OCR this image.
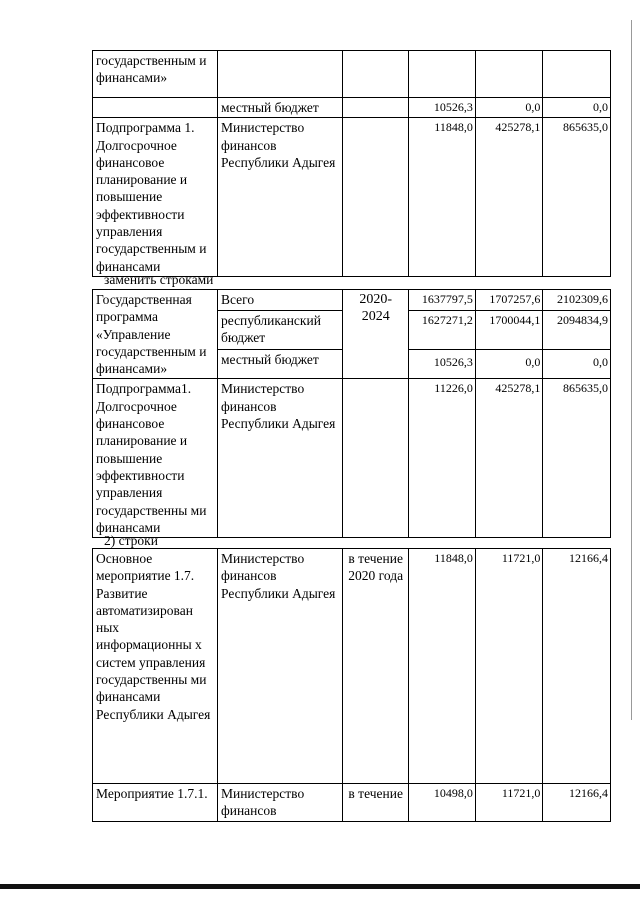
государственным и финансами»					
	местный бюджет		10526,3	0,0	0,0
Подпрограмма 1. Долгосрочное финансовое планирование и повышение эффективности управления государственным и финансами	Министерство финансов Республики Адыгея		11848,0	425278,1	865635,0
заменить строками
Государственная программа «Управление государственным и финансами»	Всего	2020-2024	1637797,5	1707257,6	2102309,6
	республиканский бюджет		1627271,2	1700044,1	2094834,9
	местный бюджет		10526,3	0,0	0,0
Подпрограмма1. Долгосрочное финансовое планирование и повышение эффективности управления государственны ми финансами	Министерство финансов Республики Адыгея		11226,0	425278,1	865635,0
2) строки
Основное мероприятие 1.7. Развитие автоматизирован ных информационны х систем управления государственны ми финансами Республики Адыгея	Министерство финансов Республики Адыгея	в течение 2020 года	11848,0	11721,0	12166,4
Мероприятие 1.7.1.	Министерство финансов	в течение	10498,0	11721,0	12166,4
